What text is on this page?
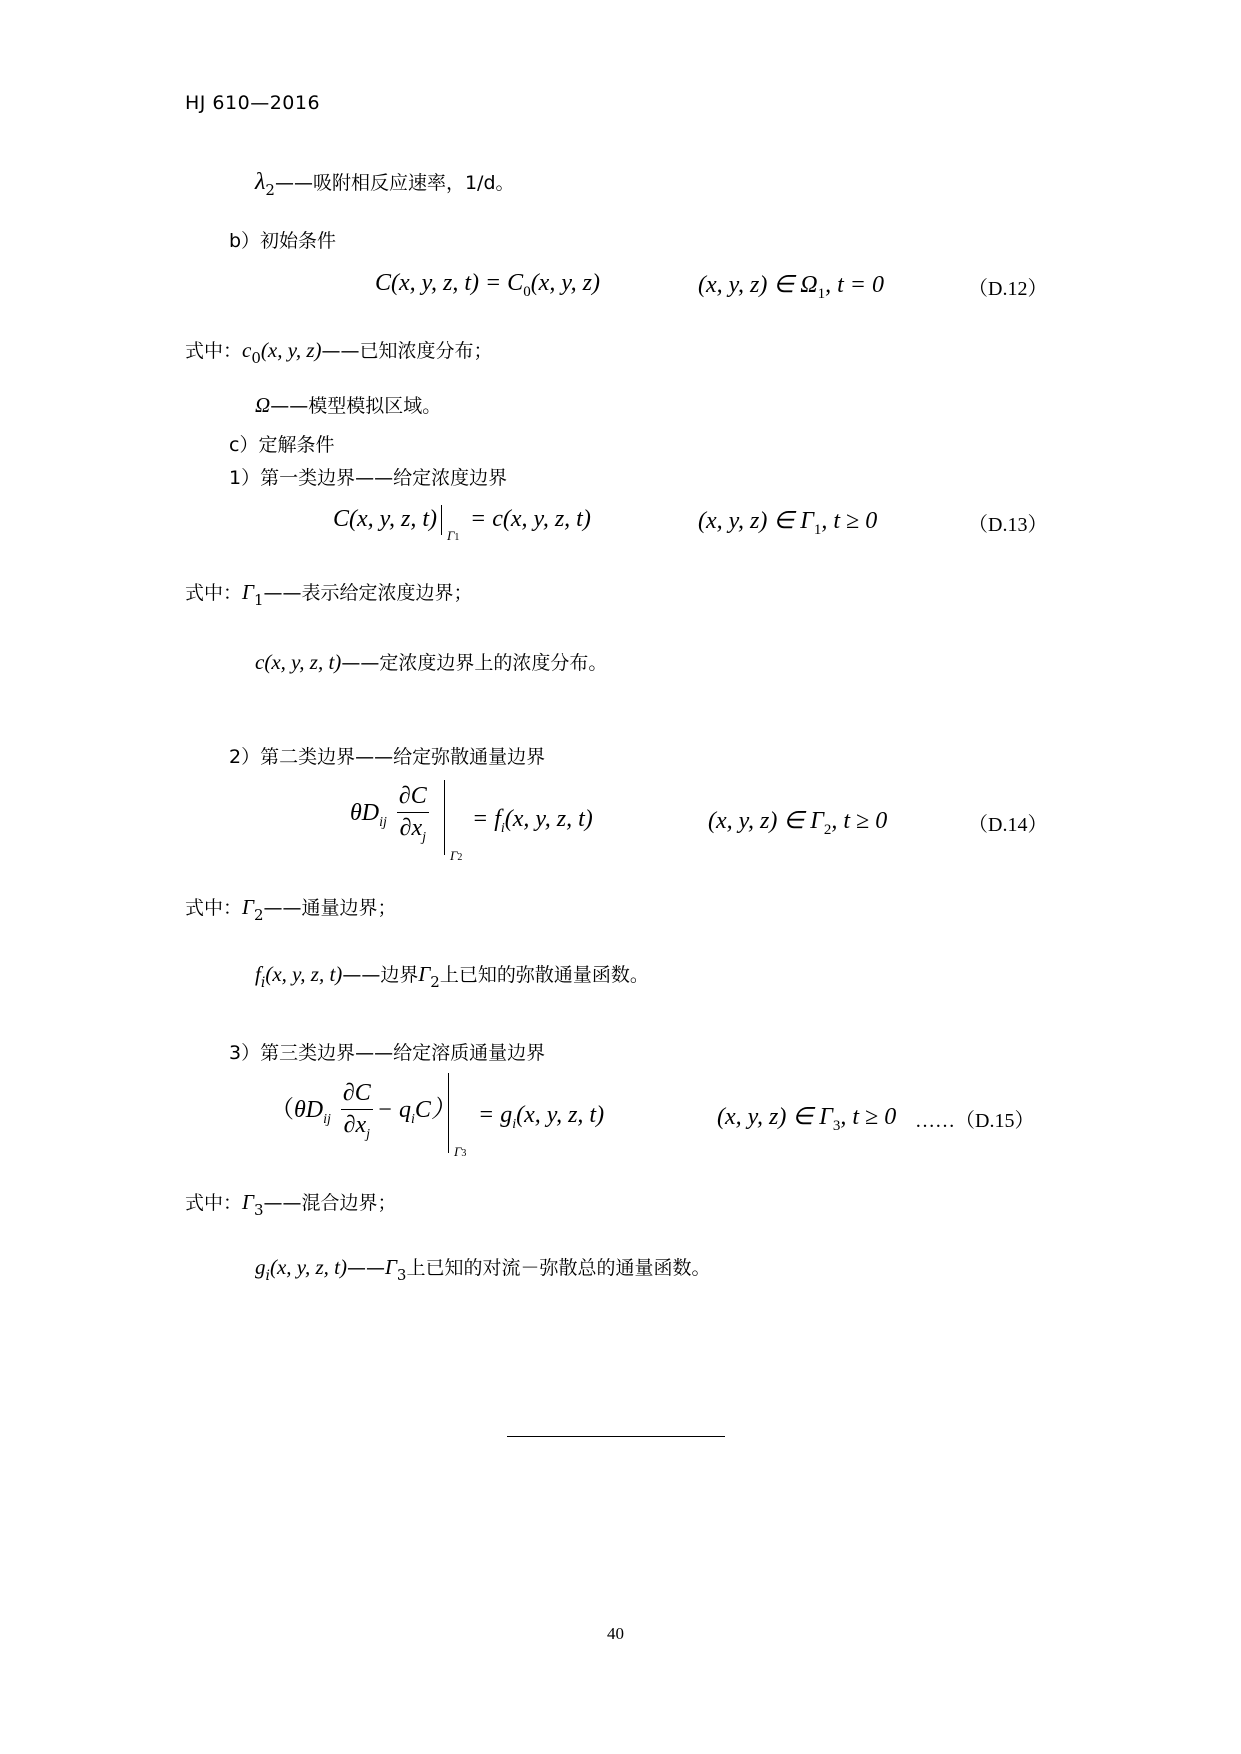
HJ 610—2016
λ2——吸附相反应速率，1/d。
b）初始条件
C(x, y, z, $t) = C_0(x$, y, z)	(x, y, z) ∈ $\Omega_1$, t = 0	（D.12）
式中：c0(x, y, z)——已知浓度分布；
Ω——模型模拟区域。
c）定解条件
1）第一类边界——给定浓度边界
C(x, y, z, t)
Γ1
= c(x, y, z, t)	(x, y, z) ∈ $\Gamma_1$, t ≥ 0	（D.13）
式中：Γ1——表示给定浓度边界；
c(x, y, z, t)——定浓度边界上的浓度分布。
2）第二类边界——给定弥散通量边界
$\theta D_{ij} \frac{\partial C}{\partial x_j}$
Γ2
= $f_i(x$, y, z, t)	(x, y, z) ∈ $\Gamma_2$, t ≥ 0	（D.14）
式中：Γ2——通量边界；
fi(x, y, z, t)——边界Γ2上已知的弥散通量函数。
3）第三类边界——给定溶质通量边界
$(\theta D_{ij} \frac{\partial C}{\partial x_j} - q_iC)$
Γ3
= $g_i(x$, y, z, t)	(x, y, z) ∈ $\Gamma_3$, t ≥ 0 ……（D.15）
式中：Γ3——混合边界；
gi(x, y, z, t)——Γ3上已知的对流－弥散总的通量函数。
40
